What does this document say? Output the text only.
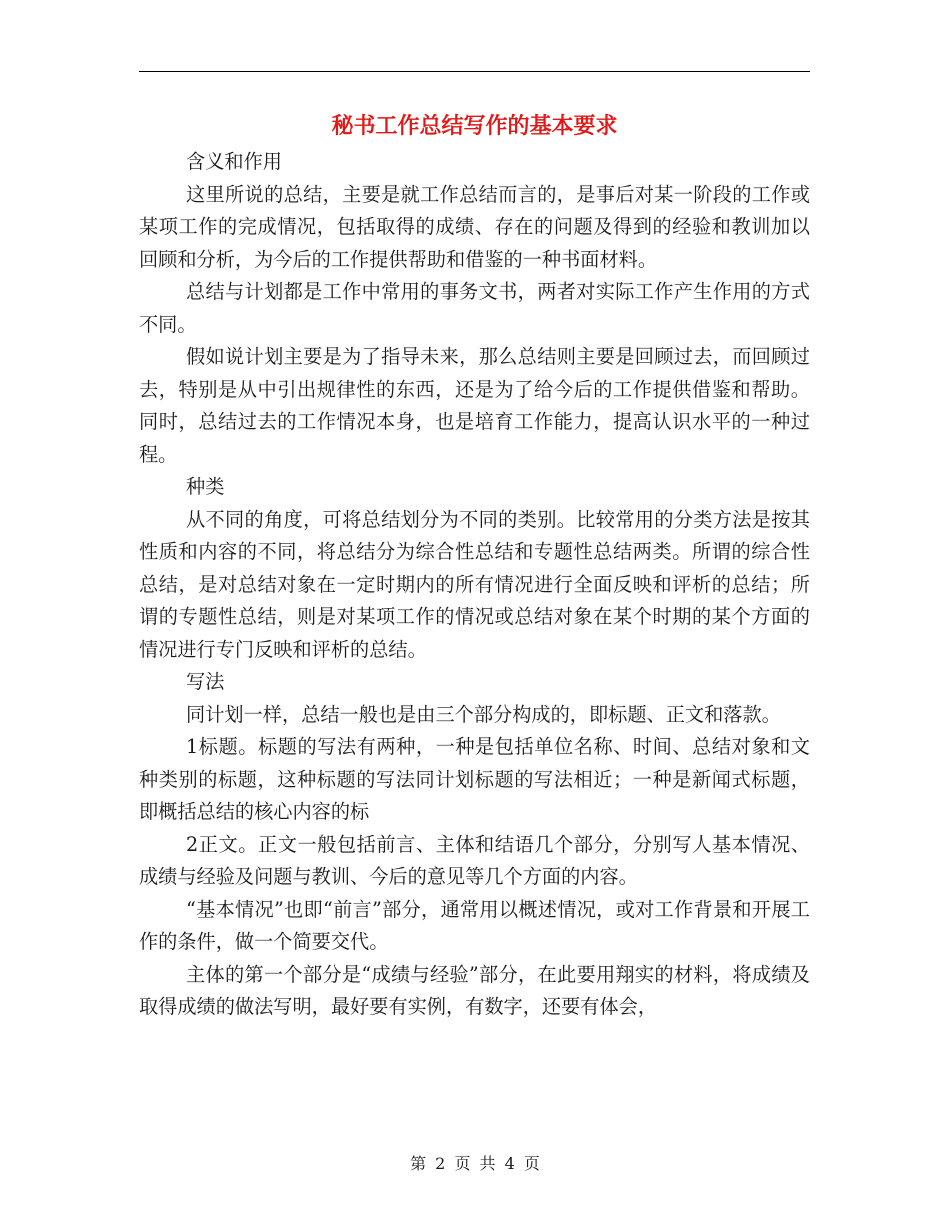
秘书工作总结写作的基本要求

含义和作用

这里所说的总结，主要是就工作总结而言的，是事后对某一阶段的工作或某项工作的完成情况，包括取得的成绩、存在的问题及得到的经验和教训加以回顾和分析，为今后的工作提供帮助和借鉴的一种书面材料。

总结与计划都是工作中常用的事务文书，两者对实际工作产生作用的方式不同。

假如说计划主要是为了指导未来，那么总结则主要是回顾过去，而回顾过去，特别是从中引出规律性的东西，还是为了给今后的工作提供借鉴和帮助。同时，总结过去的工作情况本身，也是培育工作能力，提高认识水平的一种过程。

种类

从不同的角度，可将总结划分为不同的类别。比较常用的分类方法是按其性质和内容的不同，将总结分为综合性总结和专题性总结两类。所谓的综合性总结，是对总结对象在一定时期内的所有情况进行全面反映和评析的总结；所谓的专题性总结，则是对某项工作的情况或总结对象在某个时期的某个方面的情况进行专门反映和评析的总结。

写法

同计划一样，总结一般也是由三个部分构成的，即标题、正文和落款。

1标题。标题的写法有两种，一种是包括单位名称、时间、总结对象和文种类别的标题，这种标题的写法同计划标题的写法相近；一种是新闻式标题，即概括总结的核心内容的标

2正文。正文一般包括前言、主体和结语几个部分，分别写人基本情况、成绩与经验及问题与教训、今后的意见等几个方面的内容。

“基本情况”也即“前言”部分，通常用以概述情况，或对工作背景和开展工作的条件，做一个简要交代。

主体的第一个部分是“成绩与经验”部分，在此要用翔实的材料，将成绩及取得成绩的做法写明，最好要有实例，有数字，还要有体会，

第 2 页 共 4 页
